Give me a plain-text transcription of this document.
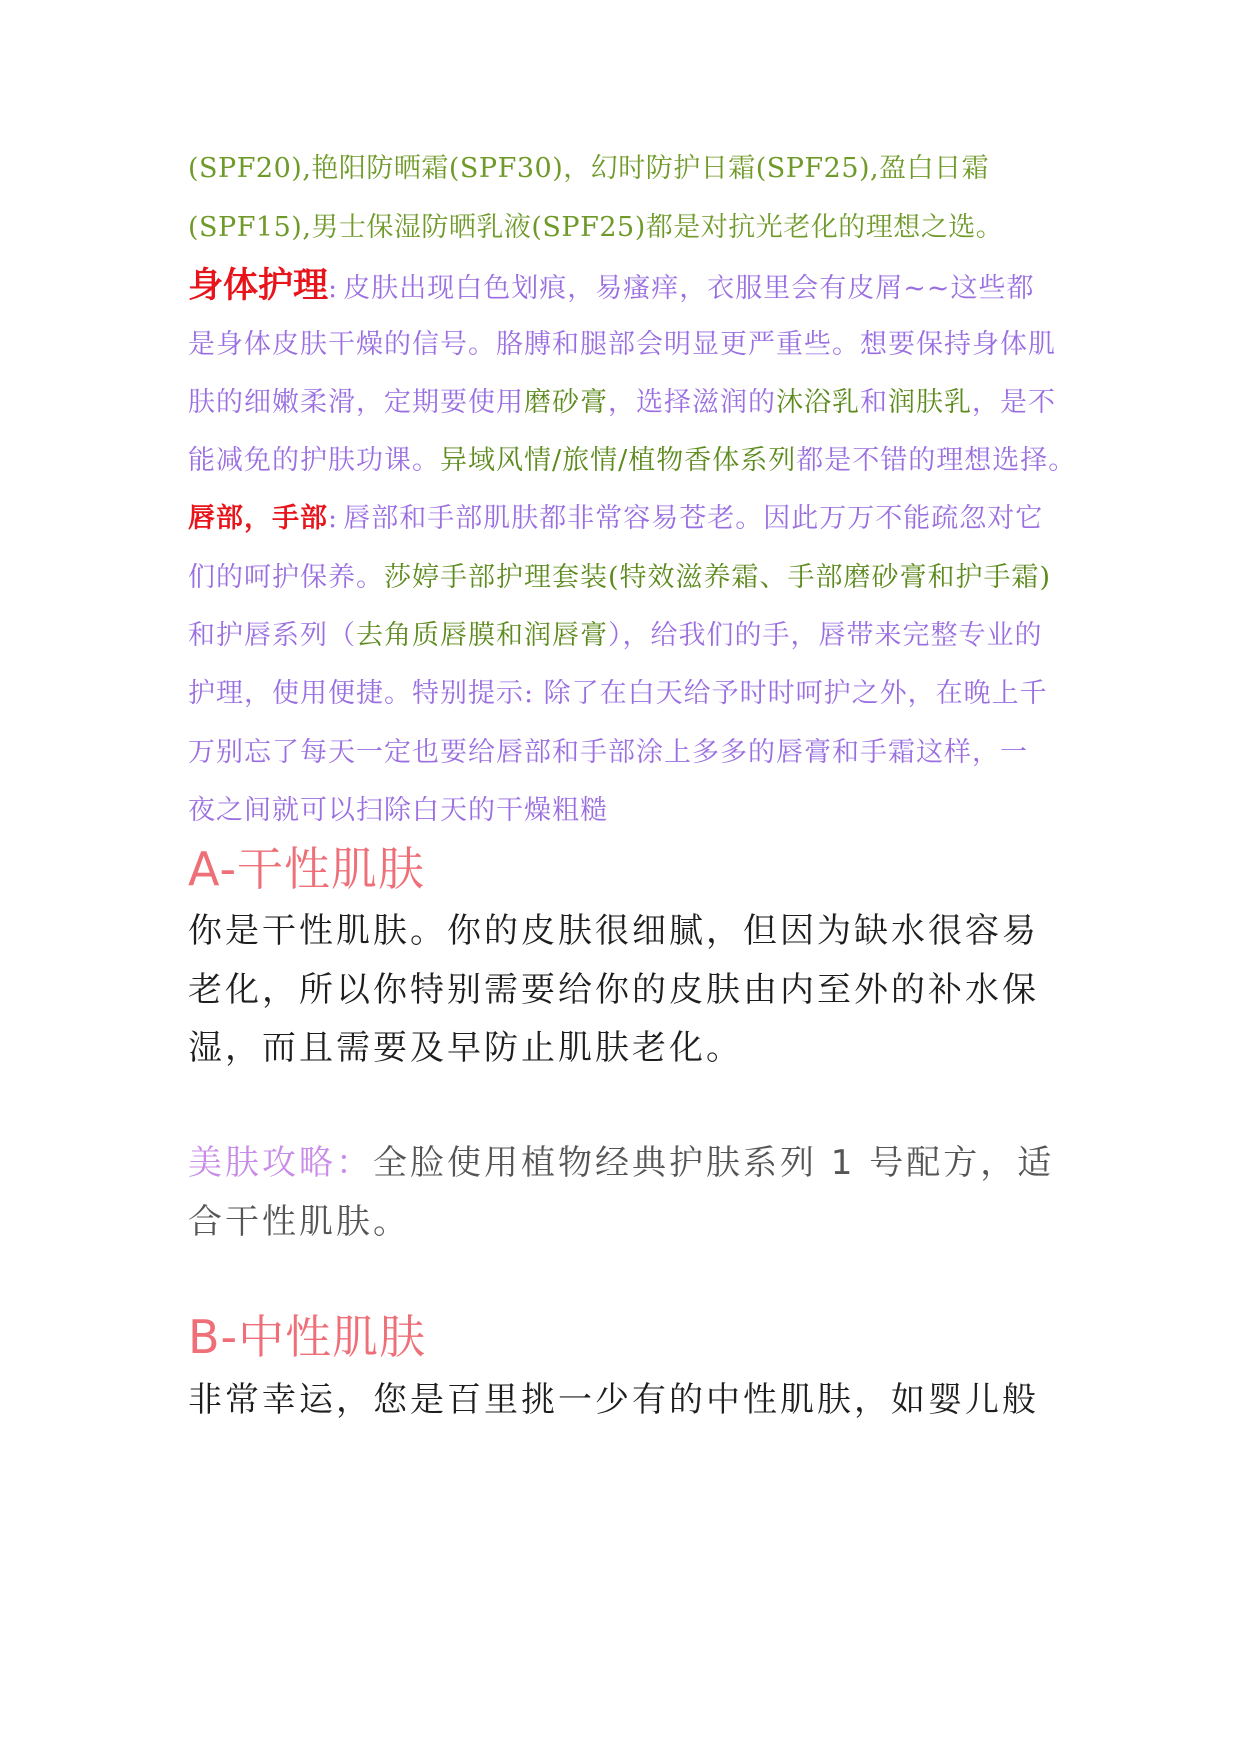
(SPF20),艳阳防晒霜(SPF30)，幻时防护日霜(SPF25),盈白日霜
(SPF15),男士保湿防晒乳液(SPF25)都是对抗光老化的理想之选。
身体护理: 皮肤出现白色划痕，易瘙痒，衣服里会有皮屑~~这些都
是身体皮肤干燥的信号。胳膊和腿部会明显更严重些。想要保持身体肌
肤的细嫩柔滑，定期要使用磨砂膏，选择滋润的沐浴乳和润肤乳，是不
能减免的护肤功课。异域风情/旅情/植物香体系列都是不错的理想选择。
唇部，手部: 唇部和手部肌肤都非常容易苍老。因此万万不能疏忽对它
们的呵护保养。莎婷手部护理套装(特效滋养霜、手部磨砂膏和护手霜)
和护唇系列（去角质唇膜和润唇膏），给我们的手，唇带来完整专业的
护理，使用便捷。特别提示: 除了在白天给予时时呵护之外，在晚上千
万别忘了每天一定也要给唇部和手部涂上多多的唇膏和手霜这样，一
夜之间就可以扫除白天的干燥粗糙
A-干性肌肤
你是干性肌肤。你的皮肤很细腻，但因为缺水很容易
老化，所以你特别需要给你的皮肤由内至外的补水保
湿，而且需要及早防止肌肤老化。
美肤攻略：全脸使用植物经典护肤系列 1 号配方，适
合干性肌肤。
B-中性肌肤
非常幸运，您是百里挑一少有的中性肌肤，如婴儿般
